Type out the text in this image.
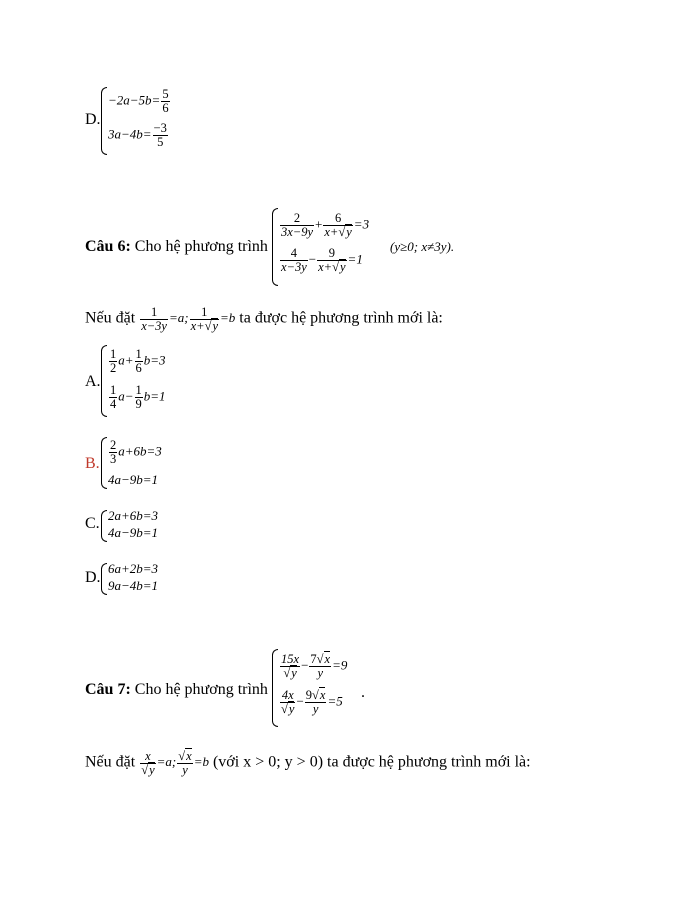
D.
$-2a-5b= \frac{5}{6}$
$3a-4b= \frac{-3}{5}$
Câu 6: Cho hệ phương trình
$\frac{2}{3x-9y} + \frac{6}{x+√y} =3$
$\frac{4}{x-3y} - \frac{9}{x+√y} =1$
(y≥0; x≠3y).
Nếu đặt $\frac{1}{x-3y} =a$; $\frac{1}{x+√y} =b$ ta được hệ phương trình mới là:
A.
$\frac{1}{2} a+ \frac{1}{6} b=3$
$\frac{1}{4} a- \frac{1}{9} b=1$
B. $\frac{2}{3} a+6b=3$
4a−9b=1
C. 2a+6b=3
4a−9b=1
D.
6a+2b=3
9a−4b=1
Câu 7: Cho hệ phương trình
$\frac{15x}{√y} - \frac{7√x}{y} =9$
$\frac{4x}{√y} - \frac{9√x}{y} =5$ .
Nếu đặt $\frac{x}{√y} =a$; $\frac{√x}{y} =b$ (với x > 0; y > 0) ta được hệ phương trình mới là:
